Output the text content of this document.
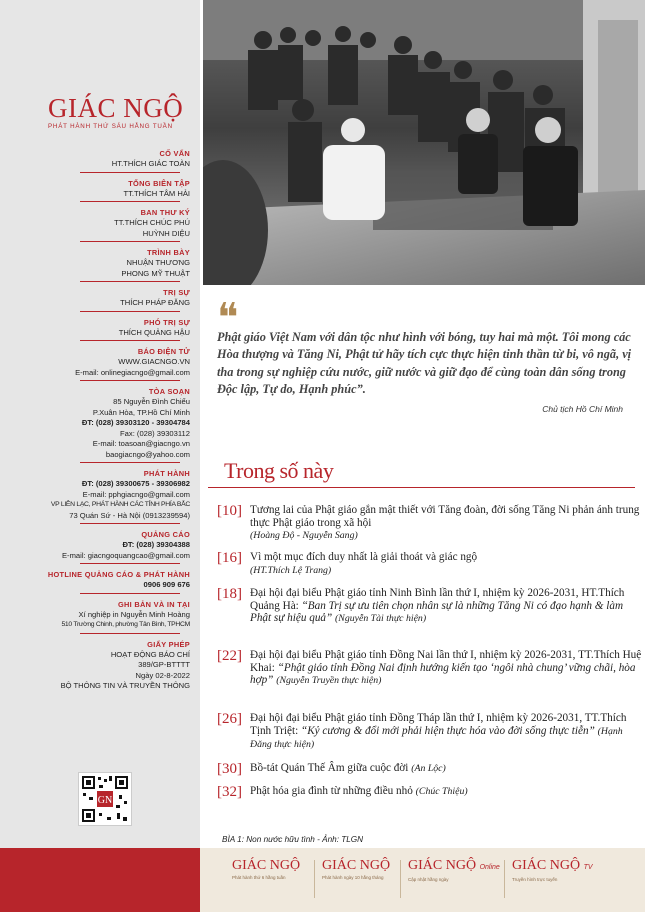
GIÁC NGỘ
PHÁT HÀNH THỨ SÁU HẰNG TUẦN
CỐ VẤN
HT.THÍCH GIÁC TOÀN
TỔNG BIÊN TẬP
TT.THÍCH TÂM HẢI
BAN THƯ KÝ
TT.THÍCH CHÚC PHÚ
HUỲNH DIỆU
TRÌNH BÀY
NHUẬN THƯƠNG
PHONG MỸ THUẬT
TRỊ SỰ
THÍCH PHÁP ĐĂNG
PHÓ TRỊ SỰ
THÍCH QUẢNG HẬU
BÁO ĐIỆN TỬ
WWW.GIACNGO.VN
E-mail: onlinegiacngo@gmail.com
TÒA SOẠN
85 Nguyễn Đình Chiểu
P.Xuân Hòa, TP.Hồ Chí Minh
ĐT: (028) 39303120 - 39304784
Fax: (028) 39303112
E-mail: toasoan@giacngo.vn
baogiacngo@yahoo.com
PHÁT HÀNH
ĐT: (028) 39300675 - 39306982
E-mail: pphgiacngo@gmail.com
VP LIÊN LẠC, PHÁT HÀNH CÁC TỈNH PHÍA BẮC
73 Quán Sứ - Hà Nội (0913239594)
QUẢNG CÁO
ĐT: (028) 39304388
E-mail: giacngoquangcao@gmail.com
HOTLINE QUẢNG CÁO & PHÁT HÀNH
0906 909 676
GHI BẢN VÀ IN TẠI
Xí nghiệp in Nguyễn Minh Hoàng
510 Trường Chinh, phường Tân Bình, TPHCM
GIẤY PHÉP
HOẠT ĐỘNG BÁO CHÍ
389/GP-BTTTT
Ngày 02-8-2022
BỘ THÔNG TIN VÀ TRUYỀN THÔNG
GN
❝
Phật giáo Việt Nam với dân tộc như hình với bóng, tuy hai mà một. Tôi mong các Hòa thượng và Tăng Ni, Phật tử hãy tích cực thực hiện tinh thần từ bi, vô ngã, vị tha trong sự nghiệp cứu nước, giữ nước và giữ đạo để cùng toàn dân sống trong Độc lập, Tự do, Hạnh phúc”.
Chủ tịch Hồ Chí Minh
Trong số này
[10] Tương lai của Phật giáo gắn mật thiết với Tăng đoàn, đời sống Tăng Ni phản ánh trung thực Phật giáo trong xã hội
(Hoàng Độ - Nguyễn Sang)
[16] Vì một mục đích duy nhất là giải thoát và giác ngộ
(HT.Thích Lệ Trang)
[18] Đại hội đại biểu Phật giáo tỉnh Ninh Bình lần thứ I, nhiệm kỳ 2026-2031, HT.Thích Quảng Hà: “Ban Trị sự ưu tiên chọn nhân sự là những Tăng Ni có đạo hạnh & làm Phật sự hiệu quả” (Nguyễn Tài thực hiện)
[22] Đại hội đại biểu Phật giáo tỉnh Đồng Nai lần thứ I, nhiệm kỳ 2026-2031, TT.Thích Huệ Khai: “Phật giáo tỉnh Đồng Nai định hướng kiến tạo ‘ngôi nhà chung’ vững chãi, hòa hợp” (Nguyễn Truyền thực hiện)
[26] Đại hội đại biểu Phật giáo tỉnh Đồng Tháp lần thứ I, nhiệm kỳ 2026-2031, TT.Thích Tịnh Triệt: “Kỷ cương & đổi mới phải hiện thực hóa vào đời sống thực tiễn” (Hạnh Đăng thực hiện)
[30] Bồ-tát Quán Thế Âm giữa cuộc đời (An Lộc)
[32] Phật hóa gia đình từ những điều nhỏ (Chúc Thiệu)
BÌA 1: Non nước hữu tình - Ảnh: TLGN
GIÁC NGỘ
Phát hành thứ 6 hằng tuần
GIÁC NGỘ
Phát hành ngày 10 hằng tháng
GIÁC NGỘ Online
Cập nhật hằng ngày
GIÁC NGỘ TV
Truyền hình trực tuyến
